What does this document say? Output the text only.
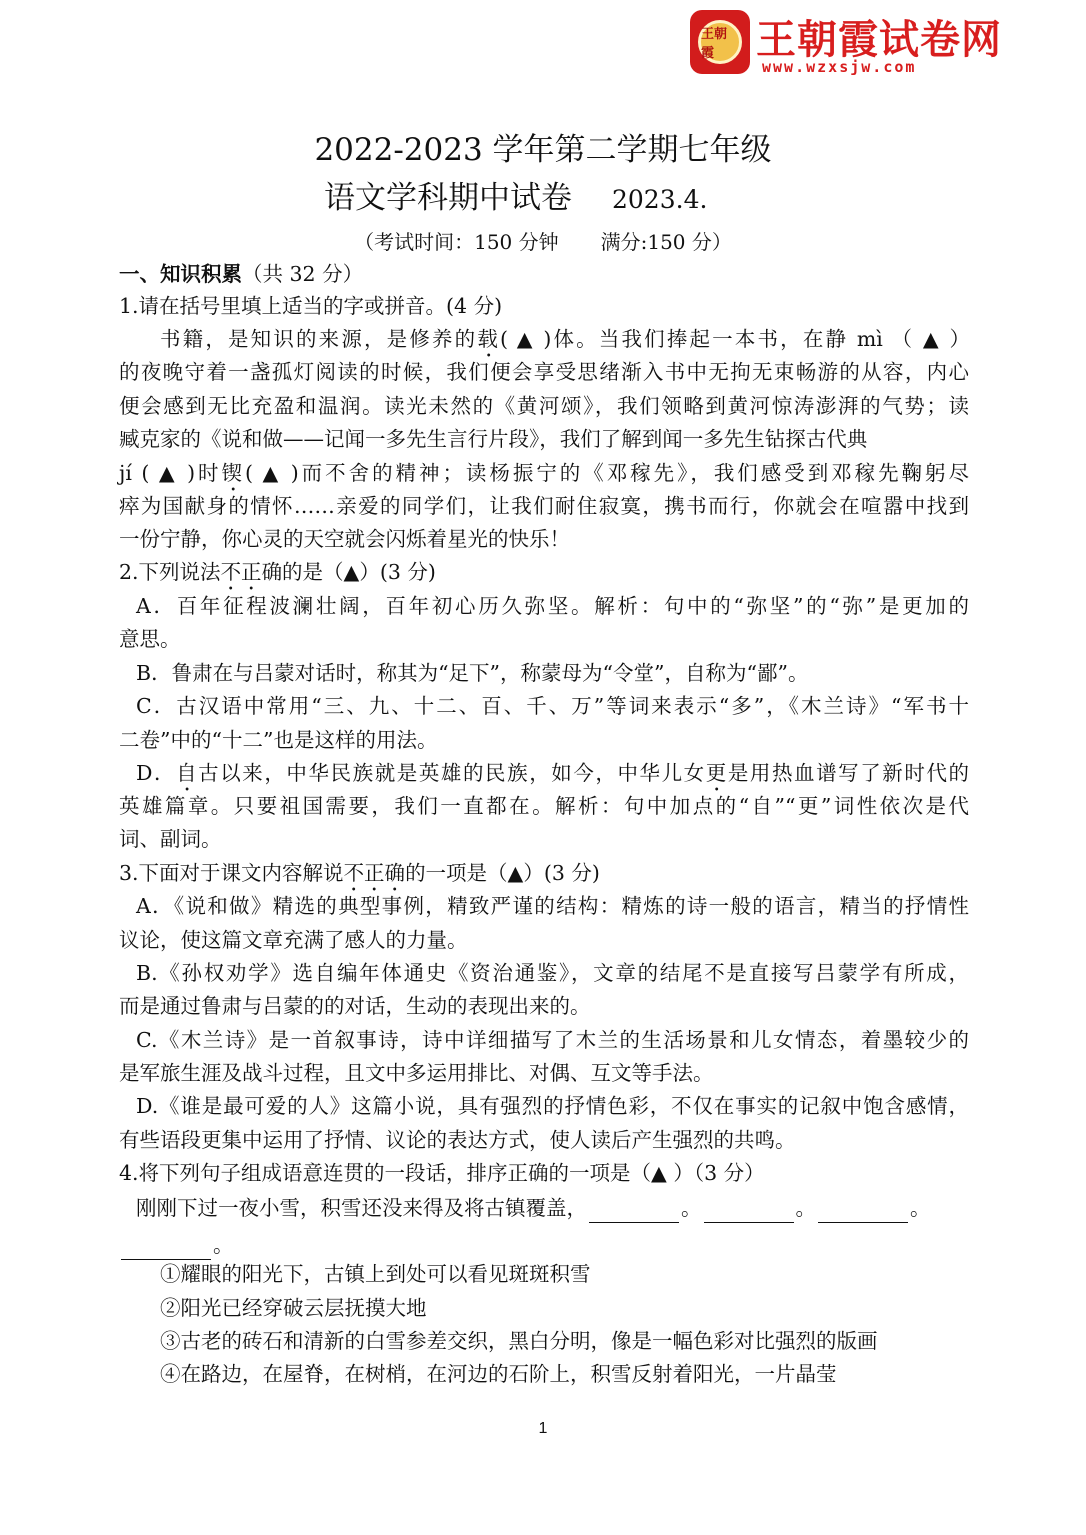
王朝霞	王朝霞试卷网
www.wzxsjw.com
2022-2023 学年第二学期七年级
语文学科期中试卷 2023.4.
（考试时间：150 分钟 满分:150 分）
一、知识积累（共 32 分）
1.请在括号里填上适当的字或拼音。(4 分)
书籍，是知识的来源，是修养的载( ▲ )体。当我们捧起一本书，在静 mì （ ▲ ）
的夜晚守着一盏孤灯阅读的时候，我们便会享受思绪渐入书中无拘无束畅游的从容，内心
便会感到无比充盈和温润。读光未然的《黄河颂》，我们领略到黄河惊涛澎湃的气势；读
臧克家的《说和做——记闻一多先生言行片段》，我们了解到闻一多先生钻探古代典
jí ( ▲ )时锲( ▲ )而不舍的精神；读杨振宁的《邓稼先》，我们感受到邓稼先鞠躬尽
瘁为国献身的情怀……亲爱的同学们，让我们耐住寂寞，携书而行，你就会在喧嚣中找到
一份宁静，你心灵的天空就会闪烁着星光的快乐！
2.下列说法不正确的是（▲）(3 分)
A．百年征程波澜壮阔，百年初心历久弥坚。解析：句中的“弥坚”的“弥”是更加的
意思。
B．鲁肃在与吕蒙对话时，称其为“足下”，称蒙母为“令堂”，自称为“鄙”。
C．古汉语中常用“三、九、十二、百、千、万”等词来表示“多”，《木兰诗》“军书十
二卷”中的“十二”也是这样的用法。
D．自古以来，中华民族就是英雄的民族，如今，中华儿女更是用热血谱写了新时代的
英雄篇章。只要祖国需要，我们一直都在。解析：句中加点的“自”“更”词性依次是代
词、副词。
3.下面对于课文内容解说不正确的一项是（▲）(3 分)
A．《说和做》精选的典型事例，精致严谨的结构：精炼的诗一般的语言，精当的抒情性
议论，使这篇文章充满了感人的力量。
B.《孙权劝学》选自编年体通史《资治通鉴》，文章的结尾不是直接写吕蒙学有所成，
而是通过鲁肃与吕蒙的的对话，生动的表现出来的。
C.《木兰诗》是一首叙事诗，诗中详细描写了木兰的生活场景和儿女情态，着墨较少的
是军旅生涯及战斗过程，且文中多运用排比、对偶、互文等手法。
D.《谁是最可爱的人》这篇小说，具有强烈的抒情色彩，不仅在事实的记叙中饱含感情，
有些语段更集中运用了抒情、议论的表达方式，使人读后产生强烈的共鸣。
4.将下列句子组成语意连贯的一段话，排序正确的一项是（▲ ）（3 分）
刚刚下过一夜小雪，积雪还没来得及将古镇覆盖，	。	。	。
。
①耀眼的阳光下，古镇上到处可以看见斑斑积雪
②阳光已经穿破云层抚摸大地
③古老的砖石和清新的白雪参差交织，黑白分明，像是一幅色彩对比强烈的版画
④在路边，在屋脊，在树梢，在河边的石阶上，积雪反射着阳光，一片晶莹
1
